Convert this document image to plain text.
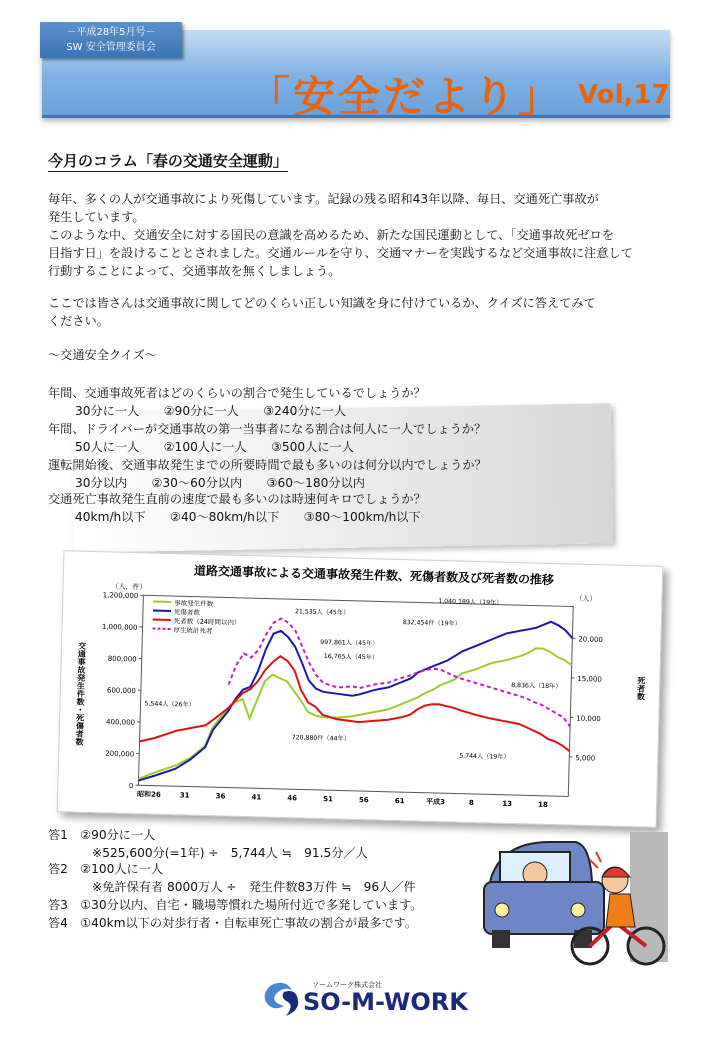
－平成28年5月号－
SW 安全管理委員会
「安全だより」 Vol,17
今月のコラム「春の交通安全運動」
毎年、多くの人が交通事故により死傷しています。記録の残る昭和43年以降、毎日、交通死亡事故が
発生しています。
このような中、交通安全に対する国民の意識を高めるため、新たな国民運動として、「交通事故死ゼロを
目指す日」を設けることとされました。交通ルールを守り、交通マナーを実践するなど交通事故に注意して
行動することによって、交通事故を無くしましょう。
ここでは皆さんは交通事故に関してどのくらい正しい知識を身に付けているか、クイズに答えてみて
ください。
～交通安全クイズ～
年間、交通事故死者はどのくらいの割合で発生しているでしょうか？
30分に一人　　②90分に一人　　③240分に一人
年間、ドライバーが交通事故の第一当事者になる割合は何人に一人でしょうか？
50人に一人　　②100人に一人　　③500人に一人
運転開始後、交通事故発生までの所要時間で最も多いのは何分以内でしょうか？
30分以内　　②30～60分以内　　③60～180分以内
交通死亡事故発生直前の速度で最も多いのは時速何キロでしょうか？
40km/h以下　　②40～80km/h以下　　③80～100km/h以下
道路交通事故による交通事故発生件数、死傷者数及び死者数の推移
（人，件）
（人）
1,200,000
1,000,000
800,000
600,000
400,000
200,000
0
20,000
15,000
10,000
5,000
昭和26	31	36	41	46	51	56	61	平成3	8	13	18
交通事故発生件数・死傷者数	死者数
事故発生件数
死傷者数
死者数（24時間以内）
厚生統計死者
5,544人（26年）
21,535人（45年）
997,861人（45年）
16,765人（45年）
720,880件（44年）
1,040,189人（19年）
832,454件（19年）
8,836人（18年）
5,744人（19年）
答1　 ②90分に一人
※525,600分(=1年) ÷　5,744人 ≒　91.5分／人
答2　 ②100人に一人
※免許保有者 8000万人 ÷　発生件数83万件 ≒　96人／件
答3　 ①30分以内、自宅・職場等慣れた場所付近で多発しています。
答4　 ①40km以下の対歩行者・自転車死亡事故の割合が最多です。
ソームワーク株式会社
SO-M-WORK
